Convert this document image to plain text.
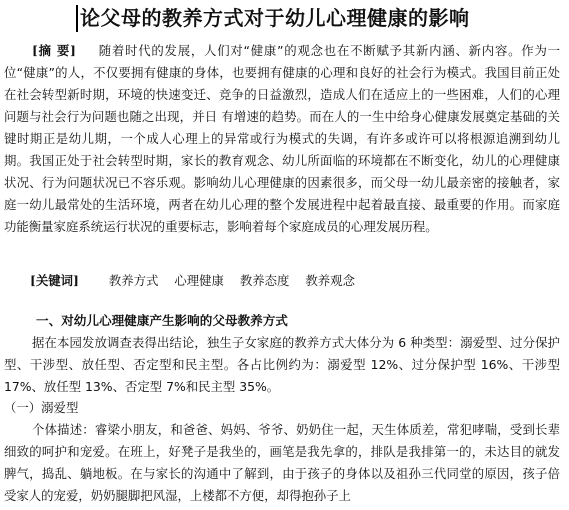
论父母的教养方式对于幼儿心理健康的影响
[摘 要] 随着时代的发展，人们对“健康”的观念也在不断赋予其新内涵、新内容。作为一位“健康”的人，不仅要拥有健康的身体，也要拥有健康的心理和良好的社会行为模式。我国目前正处在社会转型新时期，环境的快速变迁、竞争的日益激烈，造成人们在适应上的一些困难，人们的心理问题与社会行为问题也随之出现，并日 有增速的趋势。而在人的一生中给身心健康发展奠定基础的关键时期正是幼儿期，一个成人心理上的异常或行为模式的失调，有许多或许可以将根源追溯到幼儿期。我国正处于社会转型时期，家长的教育观念、幼儿所面临的环境都在不断变化，幼儿的心理健康状况、行为问题状况已不容乐观。影响幼儿心理健康的因素很多，而父母一幼儿最亲密的接触者，家庭一幼儿最常处的生活环境，两者在幼儿心理的整个发展进程中起着最直接、最重要的作用。而家庭功能衡量家庭系统运行状况的重要标志，影响着每个家庭成员的心理发展历程。
[关键词] 教养方式 心理健康 教养态度 教养观念
一、对幼儿心理健康产生影响的父母教养方式
据在本园发放调查表得出结论，独生子女家庭的教养方式大体分为 6 种类型：溺爱型、过分保护型、干涉型、放任型、否定型和民主型。各占比例约为：溺爱型 12%、过分保护型 16%、干涉型 17%、放任型 13%、否定型 7%和民主型 35%。
（一）溺爱型
个体描述：睿梁小朋友，和爸爸、妈妈、爷爷、奶奶住一起，天生体质差，常犯哮喘，受到长辈细致的呵护和宠爱。在班上，好凳子是我坐的，画笔是我先拿的，排队是我排第一的，未达目的就发脾气，捣乱、躺地板。在与家长的沟通中了解到，由于孩子的身体以及祖孙三代同堂的原因，孩子倍受家人的宠爱，奶奶腿脚把风湿，上楼都不方便，却得抱孙子上
